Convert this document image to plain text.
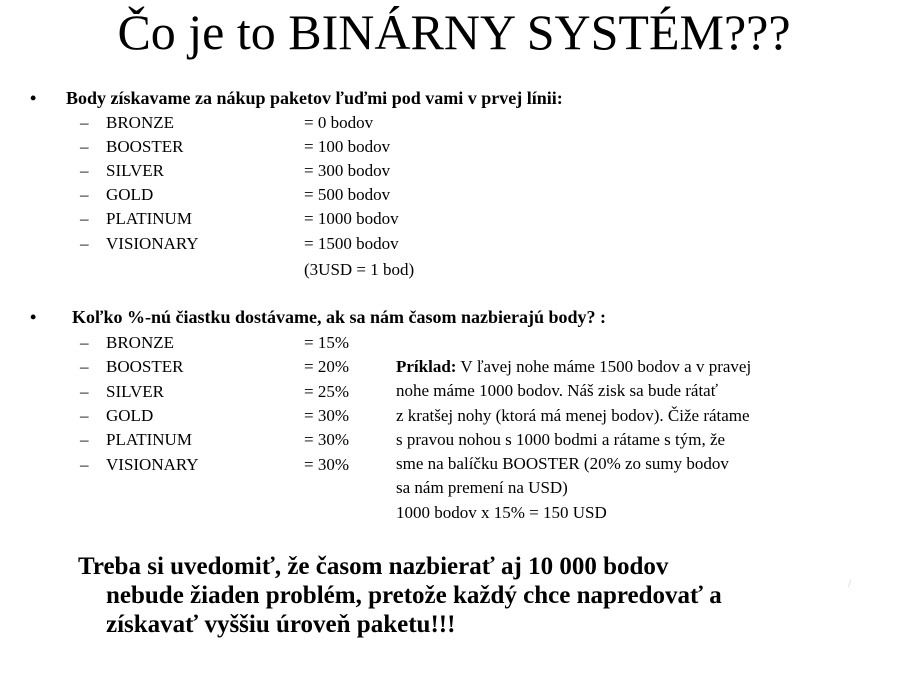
Čo je to BINÁRNY SYSTÉM???
• Body získavame za nákup paketov ľuďmi pod vami v prvej línii:
– BRONZE	= 0 bodov
– BOOSTER	= 100 bodov
– SILVER	= 300 bodov
– GOLD	= 500 bodov
– PLATINUM	= 1000 bodov
– VISIONARY	= 1500 bodov
(3USD = 1 bod)
• Koľko %-nú čiastku dostávame, ak sa nám časom nazbierajú body? :
– BRONZE	= 15%
– BOOSTER	= 20%
– SILVER	= 25%
– GOLD	= 30%
– PLATINUM	= 30%
– VISIONARY	= 30%
Príklad: V ľavej nohe máme 1500 bodov a v pravej
nohe máme 1000 bodov. Náš zisk sa bude rátať
z kratšej nohy (ktorá má menej bodov). Čiže rátame
s pravou nohou s 1000 bodmi a rátame s tým, že
sme na balíčku BOOSTER (20% zo sumy bodov
sa nám premení na USD)
1000 bodov x 15% = 150 USD
Treba si uvedomiť, že časom nazbierať aj 10 000 bodov
nebude žiaden problém, pretože každý chce napredovať a
získavať vyššiu úroveň paketu!!!
/
